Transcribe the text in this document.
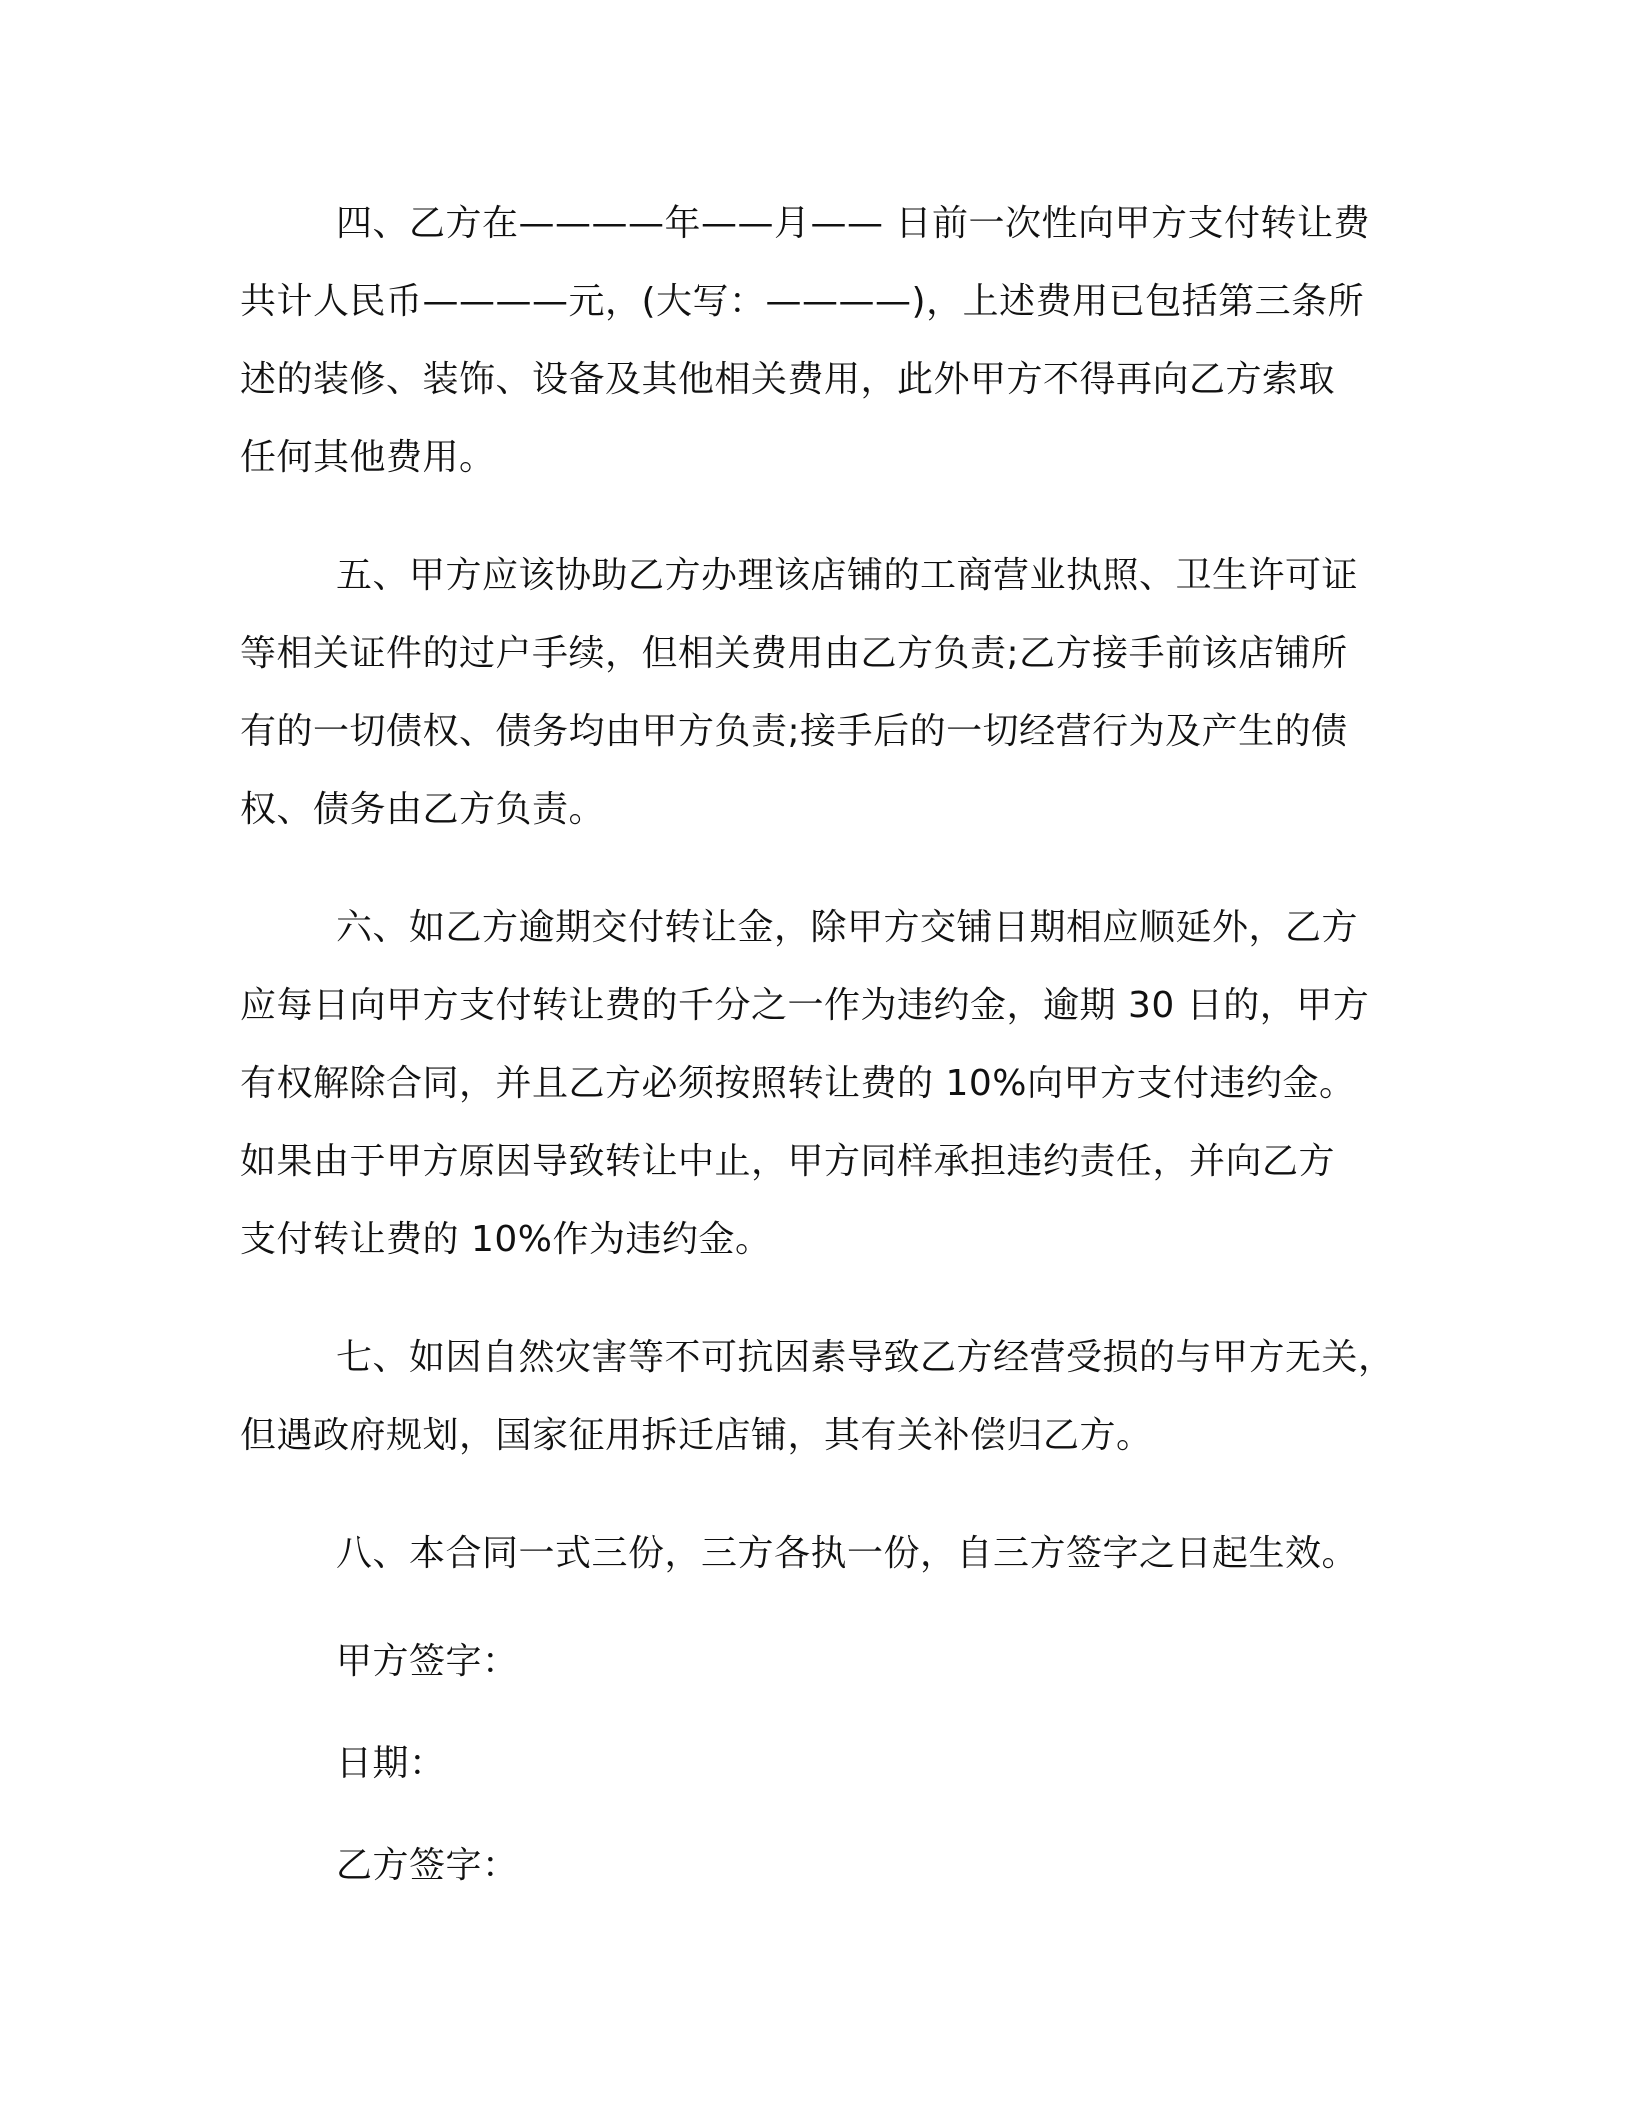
四、乙方在————年——月—— 日前一次性向甲方支付转让费
共计人民币————元，(大写：————)，上述费用已包括第三条所
述的装修、装饰、设备及其他相关费用，此外甲方不得再向乙方索取
任何其他费用。

五、甲方应该协助乙方办理该店铺的工商营业执照、卫生许可证
等相关证件的过户手续，但相关费用由乙方负责;乙方接手前该店铺所
有的一切债权、债务均由甲方负责;接手后的一切经营行为及产生的债
权、债务由乙方负责。

六、如乙方逾期交付转让金，除甲方交铺日期相应顺延外，乙方
应每日向甲方支付转让费的千分之一作为违约金，逾期 30 日的，甲方
有权解除合同，并且乙方必须按照转让费的 10%向甲方支付违约金。
如果由于甲方原因导致转让中止，甲方同样承担违约责任，并向乙方
支付转让费的 10%作为违约金。

七、如因自然灾害等不可抗因素导致乙方经营受损的与甲方无关，
但遇政府规划，国家征用拆迁店铺，其有关补偿归乙方。

八、本合同一式三份，三方各执一份，自三方签字之日起生效。

甲方签字：
日期：
乙方签字：
